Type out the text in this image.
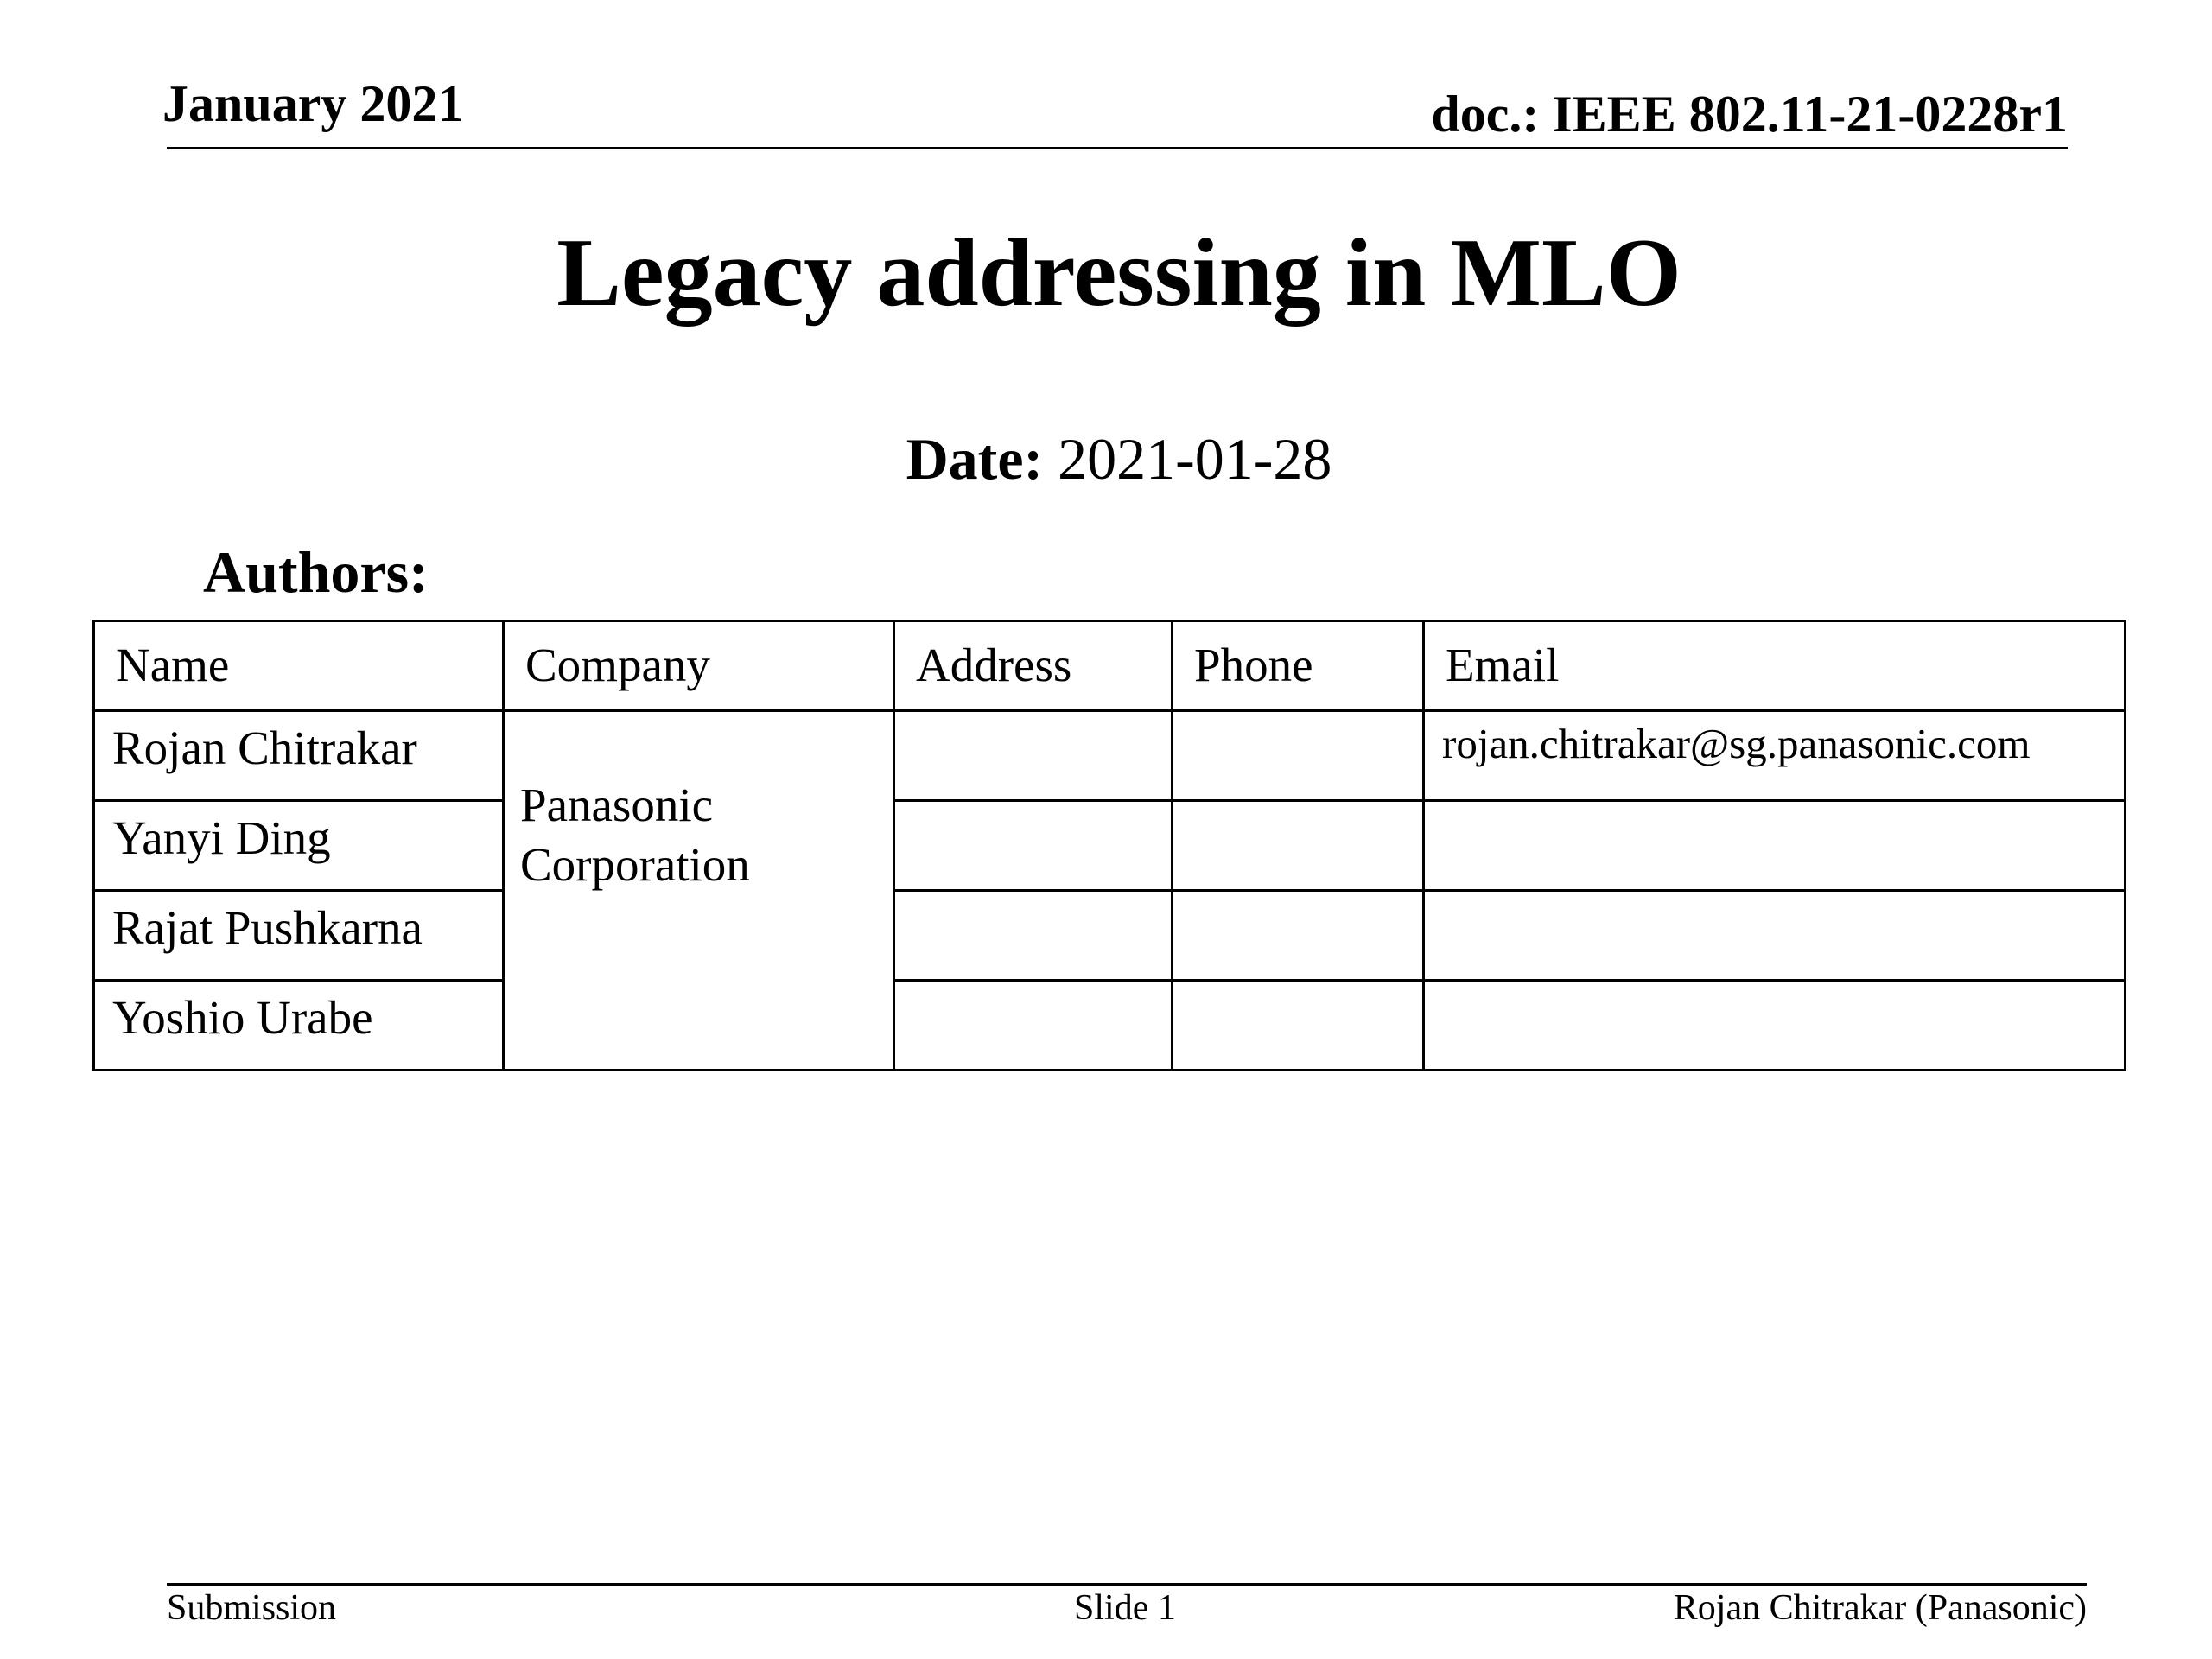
January 2021	doc.: IEEE 802.11-21-0228r1
Legacy addressing in MLO
Date: 2021-01-28
Authors:
Name	Company	Address	Phone	Email
Rojan Chitrakar	Panasonic Corporation			rojan.chitrakar@sg.panasonic.com
Yanyi Ding				
Rajat Pushkarna				
Yoshio Urabe				
Submission	Slide 1	Rojan Chitrakar (Panasonic)
